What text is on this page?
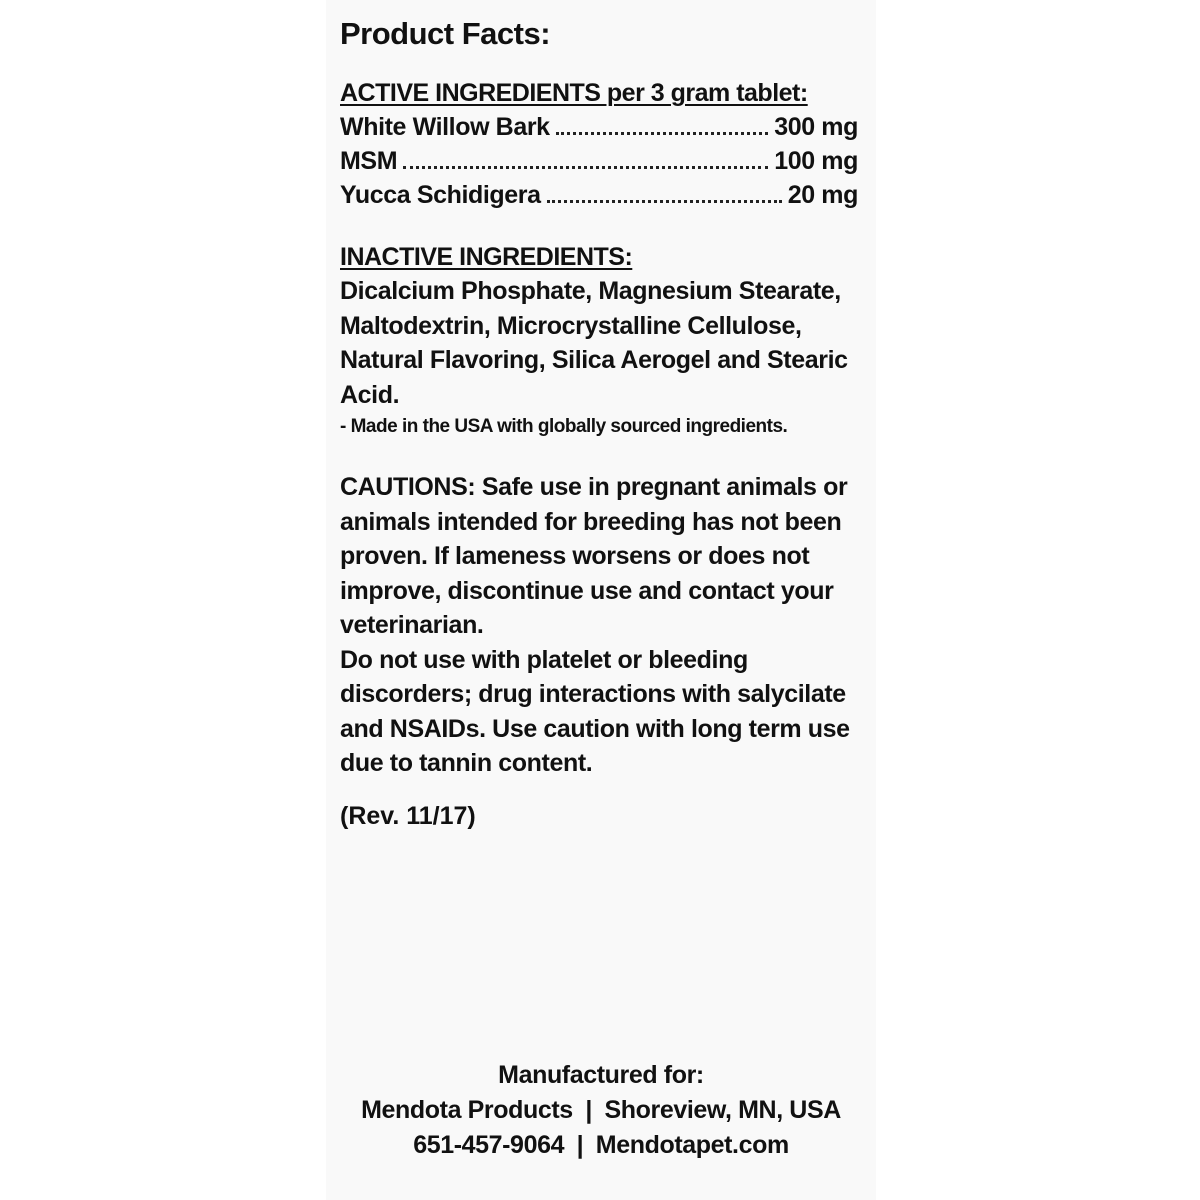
Product Facts:
ACTIVE INGREDIENTS per 3 gram tablet:
White Willow Bark	300 mg
MSM	100 mg
Yucca Schidigera	20 mg
INACTIVE INGREDIENTS:
Dicalcium Phosphate, Magnesium Stearate, Maltodextrin, Microcrystalline Cellulose, Natural Flavoring, Silica Aerogel and Stearic Acid.
- Made in the USA with globally sourced ingredients.
CAUTIONS: Safe use in pregnant animals or animals intended for breeding has not been proven. If lameness worsens or does not improve, discontinue use and contact your veterinarian.
Do not use with platelet or bleeding discorders; drug interactions with salycilate and NSAIDs. Use caution with long term use due to tannin content.
(Rev. 11/17)
Manufactured for:
Mendota Products | Shoreview, MN, USA
651-457-9064 | Mendotapet.com
